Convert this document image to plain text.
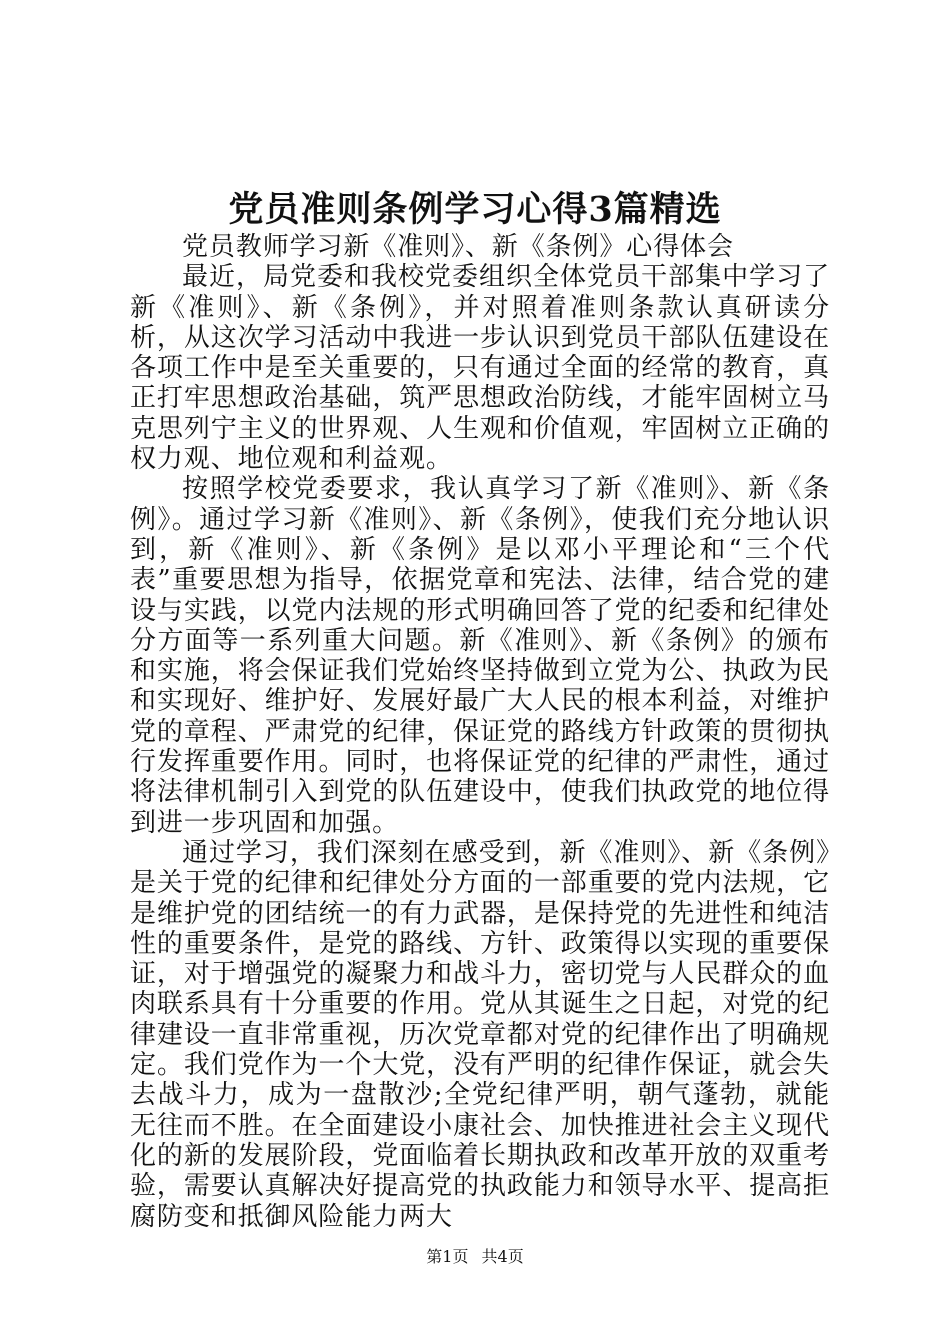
党员准则条例学习心得3篇精选

党员教师学习新《准则》、新《条例》心得体会

最近，局党委和我校党委组织全体党员干部集中学习了新《准则》、新《条例》，并对照着准则条款认真研读分析，从这次学习活动中我进一步认识到党员干部队伍建设在各项工作中是至关重要的，只有通过全面的经常的教育，真正打牢思想政治基础，筑严思想政治防线，才能牢固树立马克思列宁主义的世界观、人生观和价值观，牢固树立正确的权力观、地位观和利益观。

按照学校党委要求，我认真学习了新《准则》、新《条例》。通过学习新《准则》、新《条例》，使我们充分地认识到，新《准则》、新《条例》是以邓小平理论和“三个代表”重要思想为指导，依据党章和宪法、法律，结合党的建设与实践，以党内法规的形式明确回答了党的纪委和纪律处分方面等一系列重大问题。新《准则》、新《条例》的颁布和实施，将会保证我们党始终坚持做到立党为公、执政为民和实现好、维护好、发展好最广大人民的根本利益，对维护党的章程、严肃党的纪律，保证党的路线方针政策的贯彻执行发挥重要作用。同时，也将保证党的纪律的严肃性，通过将法律机制引入到党的队伍建设中，使我们执政党的地位得到进一步巩固和加强。

通过学习，我们深刻在感受到，新《准则》、新《条例》是关于党的纪律和纪律处分方面的一部重要的党内法规，它是维护党的团结统一的有力武器，是保持党的先进性和纯洁性的重要条件，是党的路线、方针、政策得以实现的重要保证，对于增强党的凝聚力和战斗力，密切党与人民群众的血肉联系具有十分重要的作用。党从其诞生之日起，对党的纪律建设一直非常重视，历次党章都对党的纪律作出了明确规定。我们党作为一个大党，没有严明的纪律作保证，就会失去战斗力，成为一盘散沙;全党纪律严明，朝气蓬勃，就能无往而不胜。在全面建设小康社会、加快推进社会主义现代化的新的发展阶段，党面临着长期执政和改革开放的双重考验，需要认真解决好提高党的执政能力和领导水平、提高拒腐防变和抵御风险能力两大

第1页 共4页
